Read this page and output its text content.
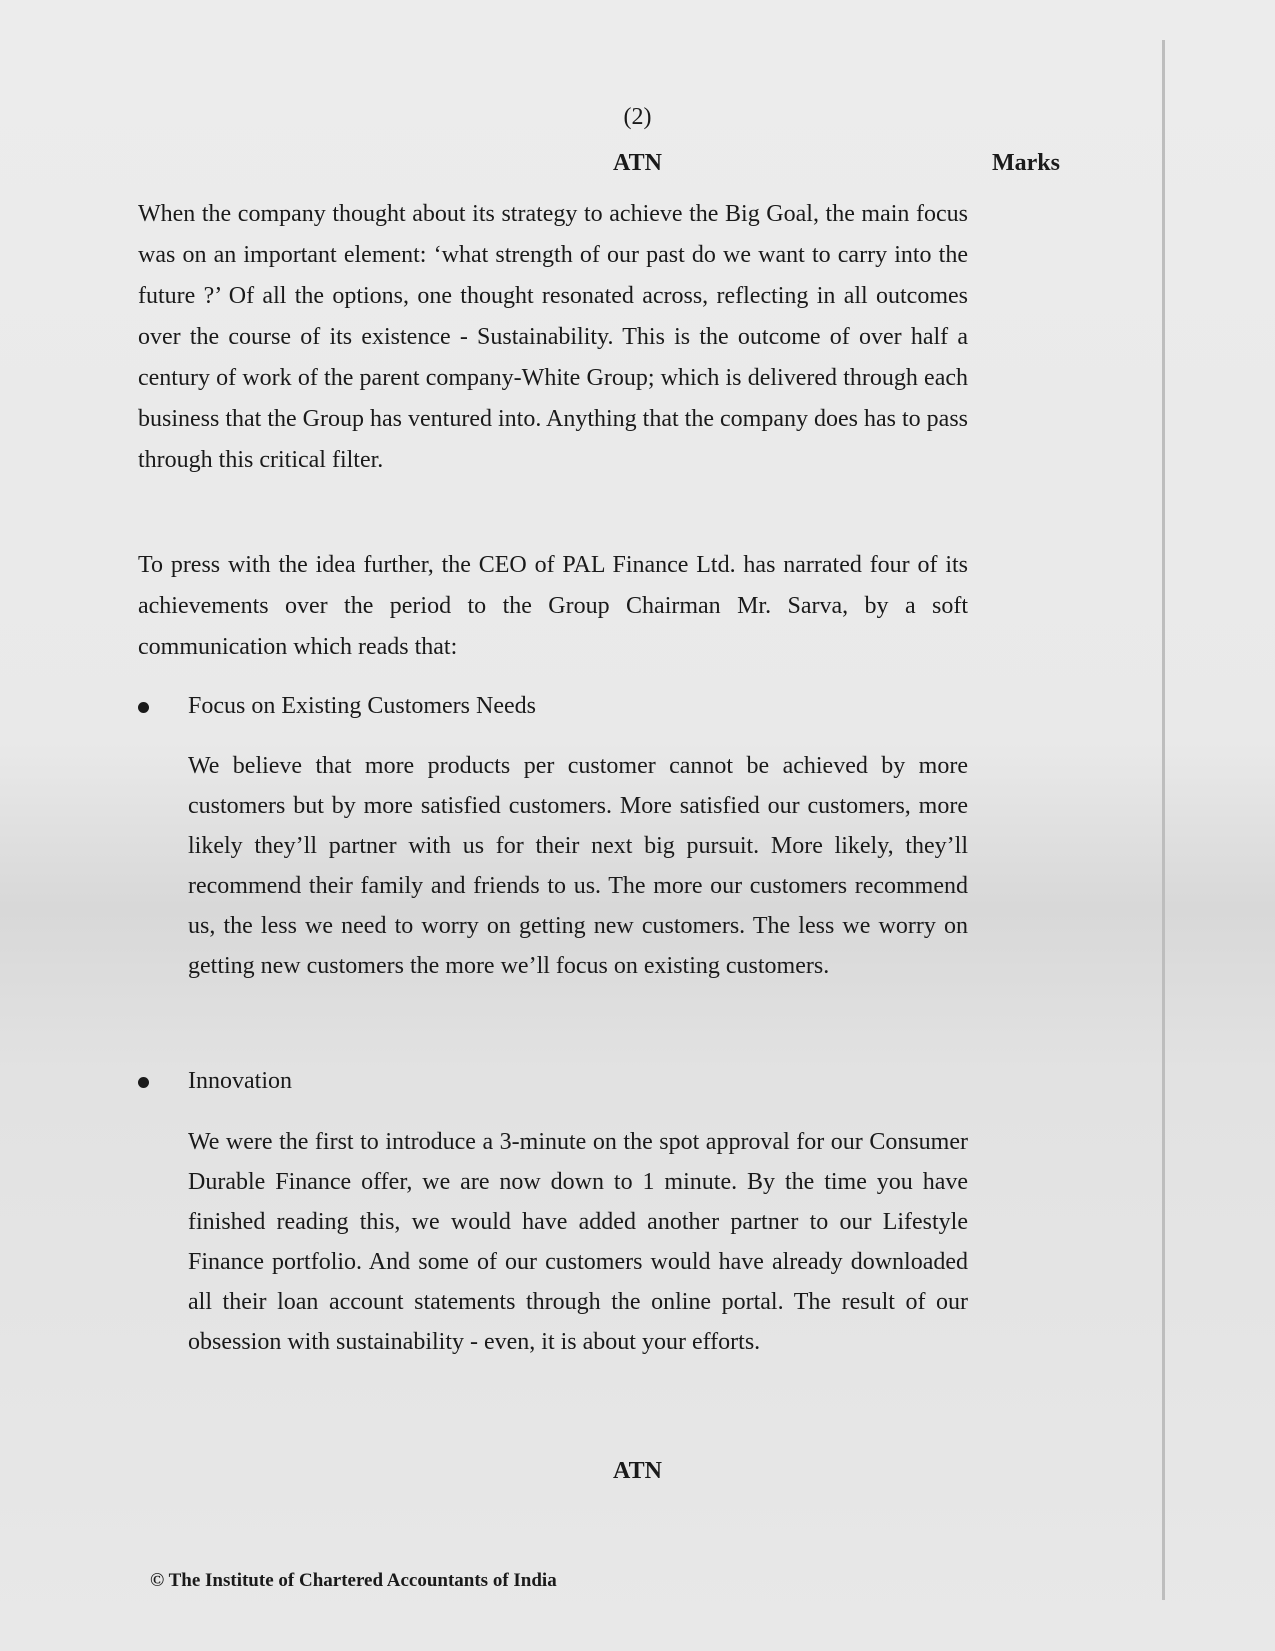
(2)
ATN	Marks
When the company thought about its strategy to achieve the Big Goal, the main focus was on an important element: ‘what strength of our past do we want to carry into the future ?’ Of all the options, one thought resonated across, reflecting in all outcomes over the course of its existence - Sustainability. This is the outcome of over half a century of work of the parent company-White Group; which is delivered through each business that the Group has ventured into. Anything that the company does has to pass through this critical filter.
To press with the idea further, the CEO of PAL Finance Ltd. has narrated four of its achievements over the period to the Group Chairman Mr. Sarva, by a soft communication which reads that:
Focus on Existing Customers Needs
We believe that more products per customer cannot be achieved by more customers but by more satisfied customers. More satisfied our customers, more likely they’ll partner with us for their next big pursuit. More likely, they’ll recommend their family and friends to us. The more our customers recommend us, the less we need to worry on getting new customers. The less we worry on getting new customers the more we’ll focus on existing customers.
Innovation
We were the first to introduce a 3-minute on the spot approval for our Consumer Durable Finance offer, we are now down to 1 minute. By the time you have finished reading this, we would have added another partner to our Lifestyle Finance portfolio. And some of our customers would have already downloaded all their loan account statements through the online portal. The result of our obsession with sustainability - even, it is about your efforts.
ATN
© The Institute of Chartered Accountants of India
